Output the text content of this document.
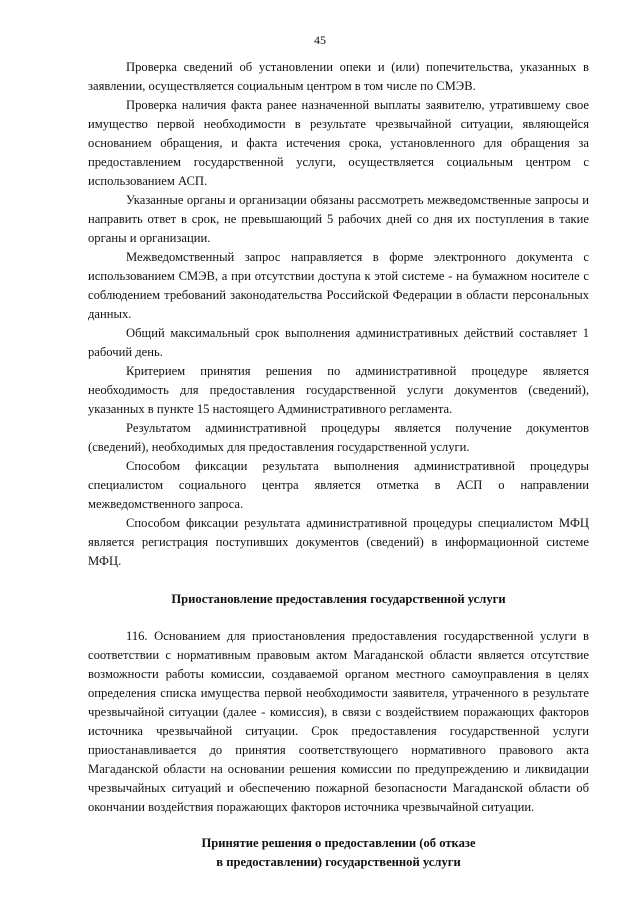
45

Проверка сведений об установлении опеки и (или) попечительства, указанных в заявлении, осуществляется социальным центром в том числе по СМЭВ.

Проверка наличия факта ранее назначенной выплаты заявителю, утратившему свое имущество первой необходимости в результате чрезвычайной ситуации, являющейся основанием обращения, и факта истечения срока, установленного для обращения за предоставлением государственной услуги, осуществляется социальным центром с использованием АСП.

Указанные органы и организации обязаны рассмотреть межведомственные запросы и направить ответ в срок, не превышающий 5 рабочих дней со дня их поступления в такие органы и организации.

Межведомственный запрос направляется в форме электронного документа с использованием СМЭВ, а при отсутствии доступа к этой системе - на бумажном носителе с соблюдением требований законодательства Российской Федерации в области персональных данных.

Общий максимальный срок выполнения административных действий составляет 1 рабочий день.

Критерием принятия решения по административной процедуре является необходимость для предоставления государственной услуги документов (сведений), указанных в пункте 15 настоящего Административного регламента.

Результатом административной процедуры является получение документов (сведений), необходимых для предоставления государственной услуги.

Способом фиксации результата выполнения административной процедуры специалистом социального центра является отметка в АСП о направлении межведомственного запроса.

Способом фиксации результата административной процедуры специалистом МФЦ является регистрация поступивших документов (сведений) в информационной системе МФЦ.

Приостановление предоставления государственной услуги

116. Основанием для приостановления предоставления государственной услуги в соответствии с нормативным правовым актом Магаданской области является отсутствие возможности работы комиссии, создаваемой органом местного самоуправления в целях определения списка имущества первой необходимости заявителя, утраченного в результате чрезвычайной ситуации (далее - комиссия), в связи с воздействием поражающих факторов источника чрезвычайной ситуации. Срок предоставления государственной услуги приостанавливается до принятия соответствующего нормативного правового акта Магаданской области на основании решения комиссии по предупреждению и ликвидации чрезвычайных ситуаций и обеспечению пожарной безопасности Магаданской области об окончании воздействия поражающих факторов источника чрезвычайной ситуации.

Принятие решения о предоставлении (об отказе
в предоставлении) государственной услуги
